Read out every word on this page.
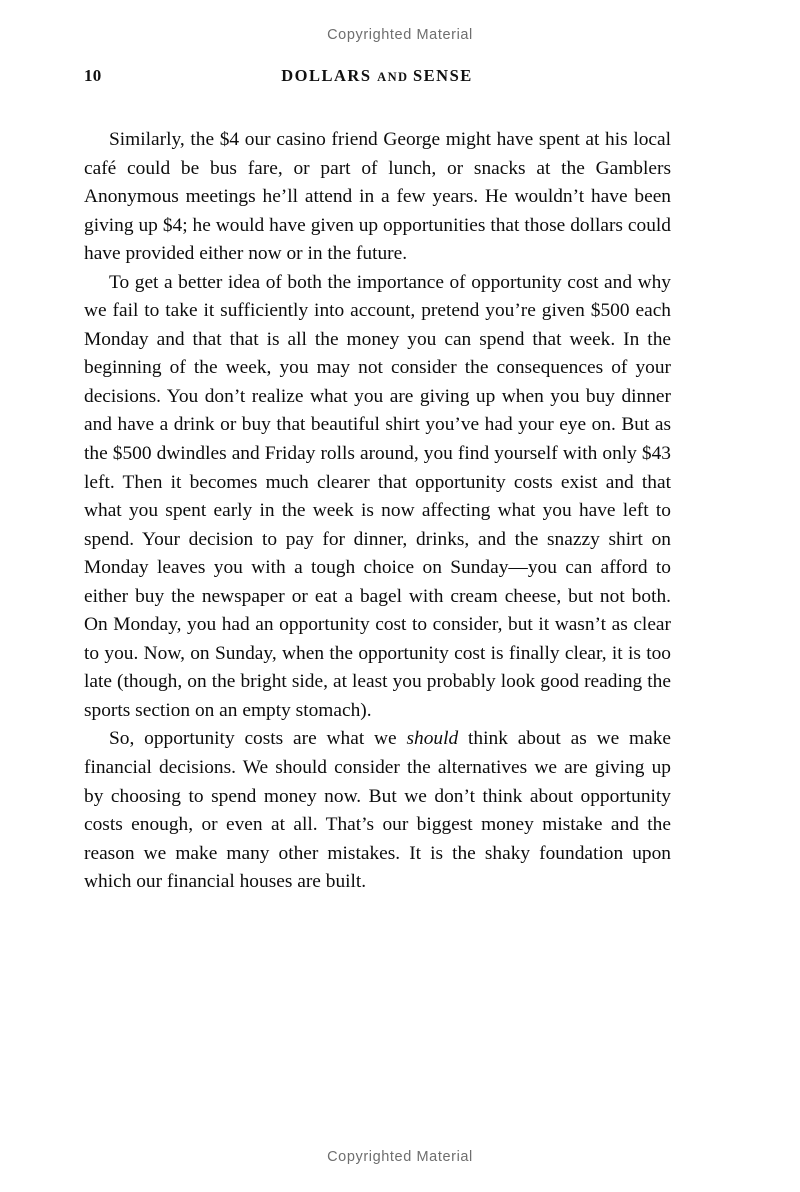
Copyrighted Material
10	DOLLARS AND SENSE

Similarly, the $4 our casino friend George might have spent at his local café could be bus fare, or part of lunch, or snacks at the Gamblers Anonymous meetings he’ll attend in a few years. He wouldn’t have been giving up $4; he would have given up opportunities that those dollars could have provided either now or in the future.

To get a better idea of both the importance of opportunity cost and why we fail to take it sufficiently into account, pretend you’re given $500 each Monday and that that is all the money you can spend that week. In the beginning of the week, you may not consider the consequences of your decisions. You don’t realize what you are giving up when you buy dinner and have a drink or buy that beautiful shirt you’ve had your eye on. But as the $500 dwindles and Friday rolls around, you find yourself with only $43 left. Then it becomes much clearer that opportunity costs exist and that what you spent early in the week is now affecting what you have left to spend. Your decision to pay for dinner, drinks, and the snazzy shirt on Monday leaves you with a tough choice on Sunday—you can afford to either buy the newspaper or eat a bagel with cream cheese, but not both. On Monday, you had an opportunity cost to consider, but it wasn’t as clear to you. Now, on Sunday, when the opportunity cost is finally clear, it is too late (though, on the bright side, at least you probably look good reading the sports section on an empty stomach).

So, opportunity costs are what we should think about as we make financial decisions. We should consider the alternatives we are giving up by choosing to spend money now. But we don’t think about opportunity costs enough, or even at all. That’s our biggest money mistake and the reason we make many other mistakes. It is the shaky foundation upon which our financial houses are built.

Copyrighted Material
